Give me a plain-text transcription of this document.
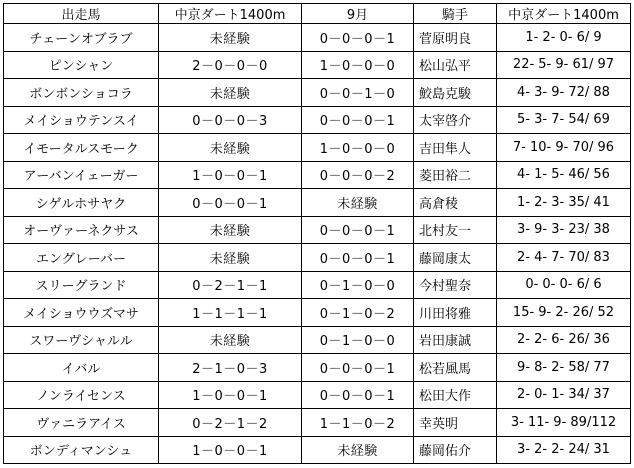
出走馬	中京ダート1400m	9月	騎手	中京ダート1400m
チェーンオブラブ	未経験	0－0－0－1	菅原明良	1‐ 2‐ 0‐ 6/ 9
ピンシャン	2－0－0－0	1－0－0－0	松山弘平	22‐ 5‐ 9‐ 61/ 97
ボンボンショコラ	未経験	0－0－1－0	鮫島克駿	4‐ 3‐ 9‐ 72/ 88
メイショウテンスイ	0－0－0－3	0－0－0－1	太宰啓介	5‐ 3‐ 7‐ 54/ 69
イモータルスモーク	未経験	1－0－0－0	吉田隼人	7‐ 10‐ 9‐ 70/ 96
アーバンイェーガー	1－0－0－1	0－0－0－2	菱田裕二	4‐ 1‐ 5‐ 46/ 56
シゲルホサヤク	0－0－0－1	未経験	高倉稜	1‐ 2‐ 3‐ 35/ 41
オーヴァーネクサス	未経験	0－0－0－1	北村友一	3‐ 9‐ 3‐ 23/ 38
エングレーバー	未経験	0－0－0－1	藤岡康太	2‐ 4‐ 7‐ 70/ 83
スリーグランド	0－2－1－1	0－1－0－0	今村聖奈	0‐ 0‐ 0‐ 6/ 6
メイショウウズマサ	1－1－1－1	0－1－0－2	川田将雅	15‐ 9‐ 2‐ 26/ 52
スワーヴシャルル	未経験	0－1－0－0	岩田康誠	2‐ 2‐ 6‐ 26/ 36
イバル	2－1－0－3	0－0－0－1	松若風馬	9‐ 8‐ 2‐ 58/ 77
ノンライセンス	1－0－0－1	0－0－0－1	松田大作	2‐ 0‐ 1‐ 34/ 37
ヴァニラアイス	0－2－1－2	1－1－0－2	幸英明	3‐ 11‐ 9‐ 89/112
ボンディマンシュ	1－0－0－1	未経験	藤岡佑介	3‐ 2‐ 2‐ 24/ 31
